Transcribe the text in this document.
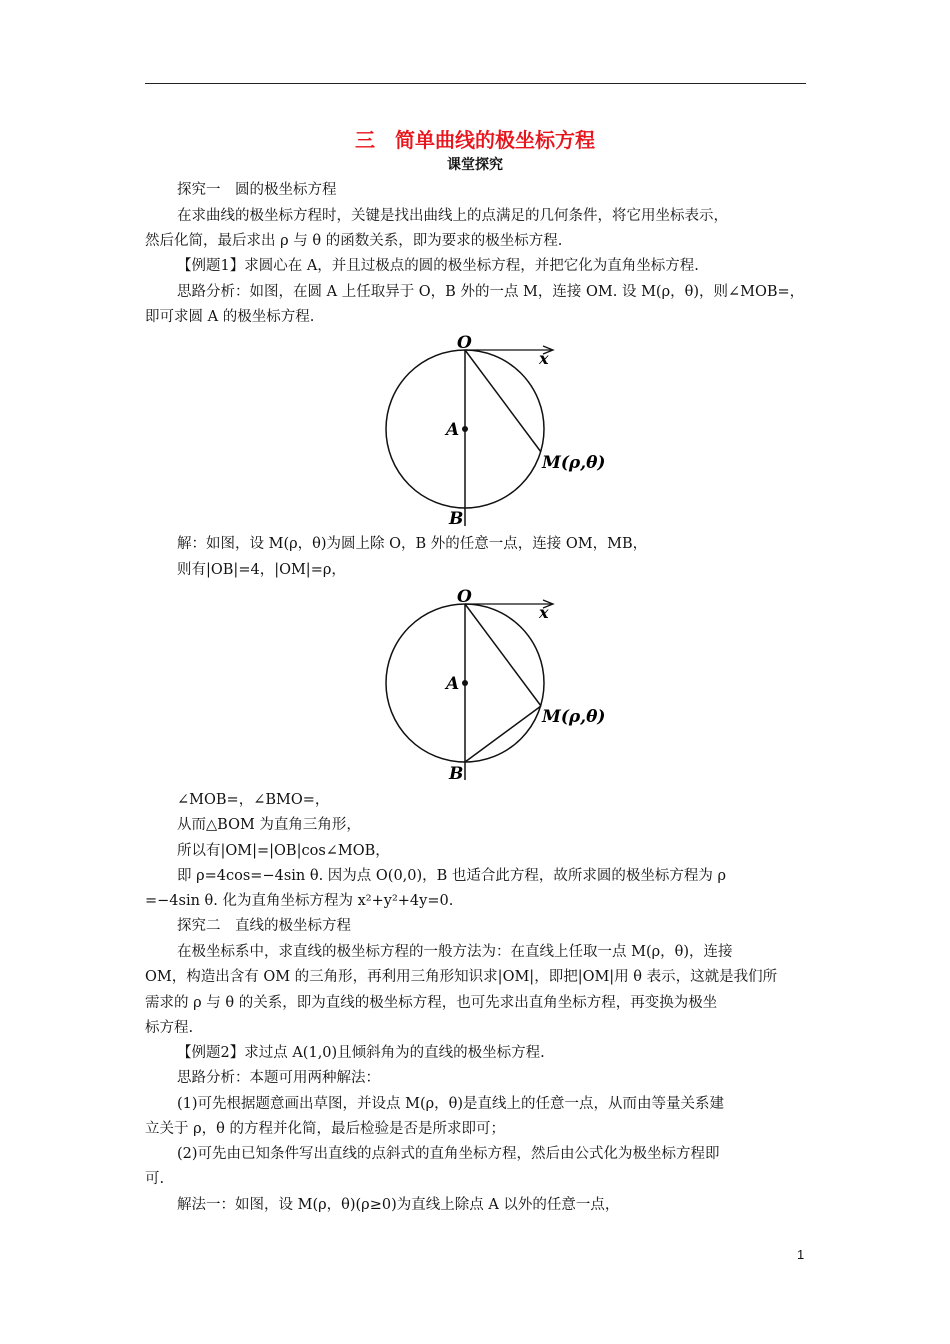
三　简单曲线的极坐标方程
课堂探究
探究一　圆的极坐标方程
在求曲线的极坐标方程时，关键是找出曲线上的点满足的几何条件，将它用坐标表示，
然后化简，最后求出 ρ 与 θ 的函数关系，即为要求的极坐标方程.
【例题1】求圆心在 A，并且过极点的圆的极坐标方程，并把它化为直角坐标方程.
思路分析：如图，在圆 A 上任取异于 O，B 外的一点 M，连接 OM. 设 M(ρ，θ)，则∠MOB=，
即可求圆 A 的极坐标方程.
O
x
A
M(ρ,θ)
B
解：如图，设 M(ρ，θ)为圆上除 O，B 外的任意一点，连接 OM，MB，
则有|OB|=4，|OM|=ρ，
O
x
A
M(ρ,θ)
B
∠MOB=，∠BMO=，
从而△BOM 为直角三角形，
所以有|OM|=|OB|cos∠MOB，
即 ρ=4cos=−4sin θ. 因为点 O(0,0)，B 也适合此方程，故所求圆的极坐标方程为 ρ
=−4sin θ. 化为直角坐标方程为 x²+y²+4y=0.
探究二　直线的极坐标方程
在极坐标系中，求直线的极坐标方程的一般方法为：在直线上任取一点 M(ρ，θ)，连接
OM，构造出含有 OM 的三角形，再利用三角形知识求|OM|，即把|OM|用 θ 表示，这就是我们所
需求的 ρ 与 θ 的关系，即为直线的极坐标方程，也可先求出直角坐标方程，再变换为极坐
标方程.
【例题2】求过点 A(1,0)且倾斜角为的直线的极坐标方程.
思路分析：本题可用两种解法：
(1)可先根据题意画出草图，并设点 M(ρ，θ)是直线上的任意一点，从而由等量关系建
立关于 ρ，θ 的方程并化简，最后检验是否是所求即可；
(2)可先由已知条件写出直线的点斜式的直角坐标方程，然后由公式化为极坐标方程即
可.
解法一：如图，设 M(ρ，θ)(ρ≥0)为直线上除点 A 以外的任意一点，
1
